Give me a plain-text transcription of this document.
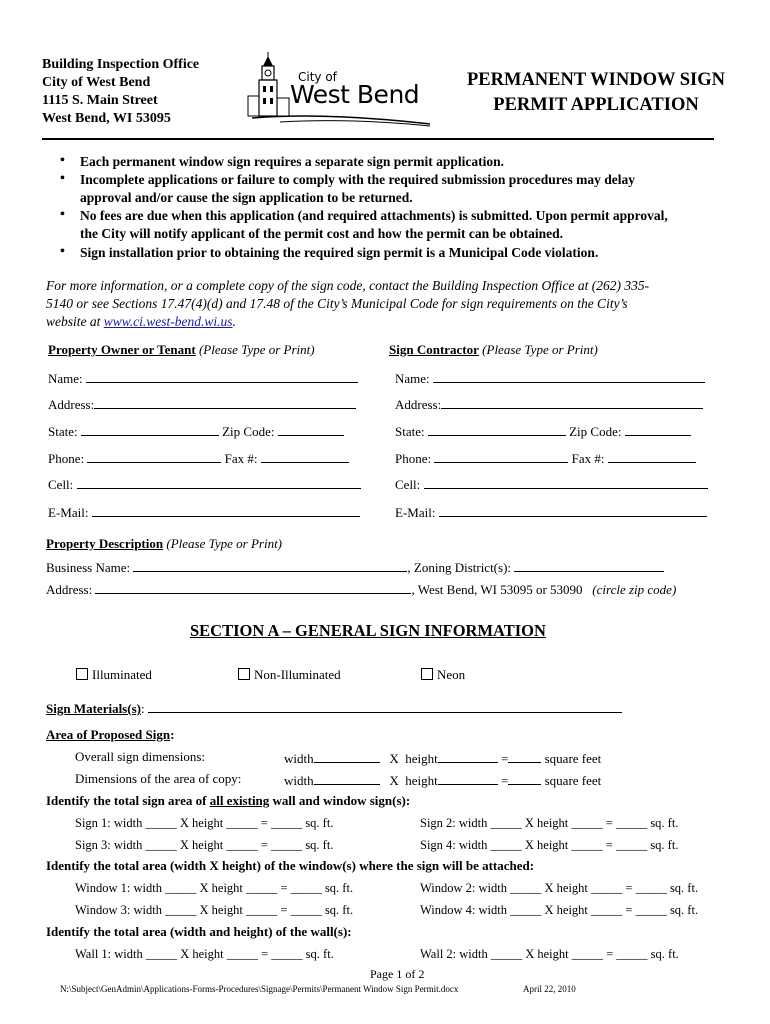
Building Inspection Office
City of West Bend
1115 S. Main Street
West Bend, WI 53095
City of
West Bend	PERMANENT WINDOW SIGN
PERMIT APPLICATION
• Each permanent window sign requires a separate sign permit application.
• Incomplete applications or failure to comply with the required submission procedures may delay
approval and/or cause the sign application to be returned.
• No fees are due when this application (and required attachments) is submitted. Upon permit approval,
the City will notify applicant of the permit cost and how the permit can be obtained.
• Sign installation prior to obtaining the required sign permit is a Municipal Code violation.
For more information, or a complete copy of the sign code, contact the Building Inspection Office at (262) 335-
5140 or see Sections 17.47(4)(d) and 17.48 of the City’s Municipal Code for sign requirements on the City’s
website at www.ci.west-bend.wi.us.
Property Owner or Tenant (Please Type or Print)
Name:
Address:
State:	Zip Code:
Phone:	Fax #:
Cell:
E-Mail:
Sign Contractor (Please Type or Print)
Name:
Address:
State:	Zip Code:
Phone:	Fax #:
Cell:
E-Mail:
Property Description (Please Type or Print)
Business Name:	, Zoning District(s):
Address:	, West Bend, WI 53095 or 53090 (circle zip code)
SECTION A – GENERAL SIGN INFORMATION
Illuminated	Non-Illuminated	Neon
Sign Materials(s):
Area of Proposed Sign:
Overall sign dimensions:	width	X height	=	square feet
Dimensions of the area of copy:	width	X height	=	square feet
Identify the total sign area of all existing wall and window sign(s):
Sign 1: width _____ X height _____ = _____ sq. ft.	Sign 2: width _____ X height _____ = _____ sq. ft.
Sign 3: width _____ X height _____ = _____ sq. ft.	Sign 4: width _____ X height _____ = _____ sq. ft.
Identify the total area (width X height) of the window(s) where the sign will be attached:
Window 1: width _____ X height _____ = _____ sq. ft.	Window 2: width _____ X height _____ = _____ sq. ft.
Window 3: width _____ X height _____ = _____ sq. ft.	Window 4: width _____ X height _____ = _____ sq. ft.
Identify the total area (width and height) of the wall(s):
Wall 1: width _____ X height _____ = _____ sq. ft.	Wall 2: width _____ X height _____ = _____ sq. ft.
Page 1 of 2
N:\Subject\GenAdmin\Applications-Forms-Procedures\Signage\Permits\Permanent Window Sign Permit.docx	April 22, 2010
